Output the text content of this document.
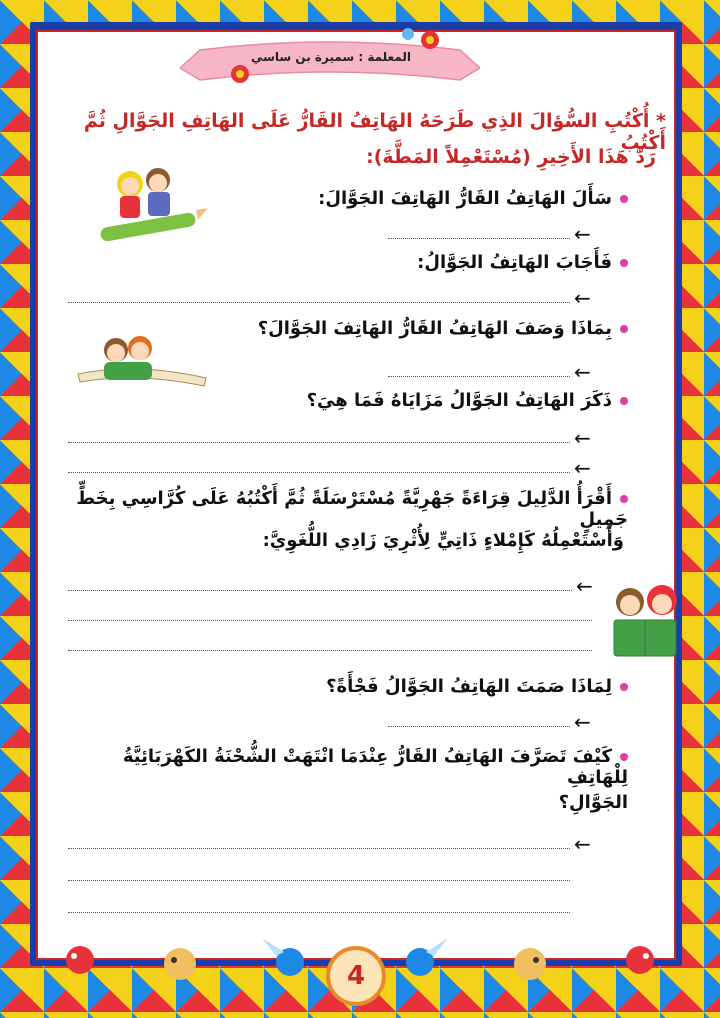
المعلمة : سميرة بن ساسي
* أُكْتُبِ السُّؤالَ الذِي طَرَحَهُ الهَاتِفُ القَارُّ عَلَى الهَاتِفِ الجَوَّالِ ثُمَّ أَكْتُبُ
رَدَّ هَذَا الأَخِيرِ (مُسْتَعْمِلاً المَطَّةَ):
سَأَلَ الهَاتِفُ القَارُّ الهَاتِفَ الجَوَّالَ:
←
فَأَجَابَ الهَاتِفُ الجَوَّالُ:
←
بِمَاذَا وَصَفَ الهَاتِفُ القَارُّ الهَاتِفَ الجَوَّالَ؟
←
ذَكَرَ الهَاتِفُ الجَوَّالُ مَزَايَاهُ فَمَا هِيَ؟
←
←
أَقْرَأُ الدَّلِيلَ قِرَاءَةً جَهْرِيَّةً مُسْتَرْسَلَةً ثُمَّ أَكْتُبُهُ عَلَى كُرَّاسِي بِخَطٍّ جَمِيلٍ
وَأَسْتَعْمِلُهُ كَإِمْلاءٍ ذَاتِيٍّ لِأُثْرِيَ زَادِي اللُّغَوِيَّ:
←
لِمَاذَا صَمَتَ الهَاتِفُ الجَوَّالُ فَجْأَةً؟
←
كَيْفَ تَصَرَّفَ الهَاتِفُ القَارُّ عِنْدَمَا انْتَهَتْ الشُّحْنَةُ الكَهْرَبَائِيَّةُ لِلْهَاتِفِ
الجَوَّالِ؟
←
4
